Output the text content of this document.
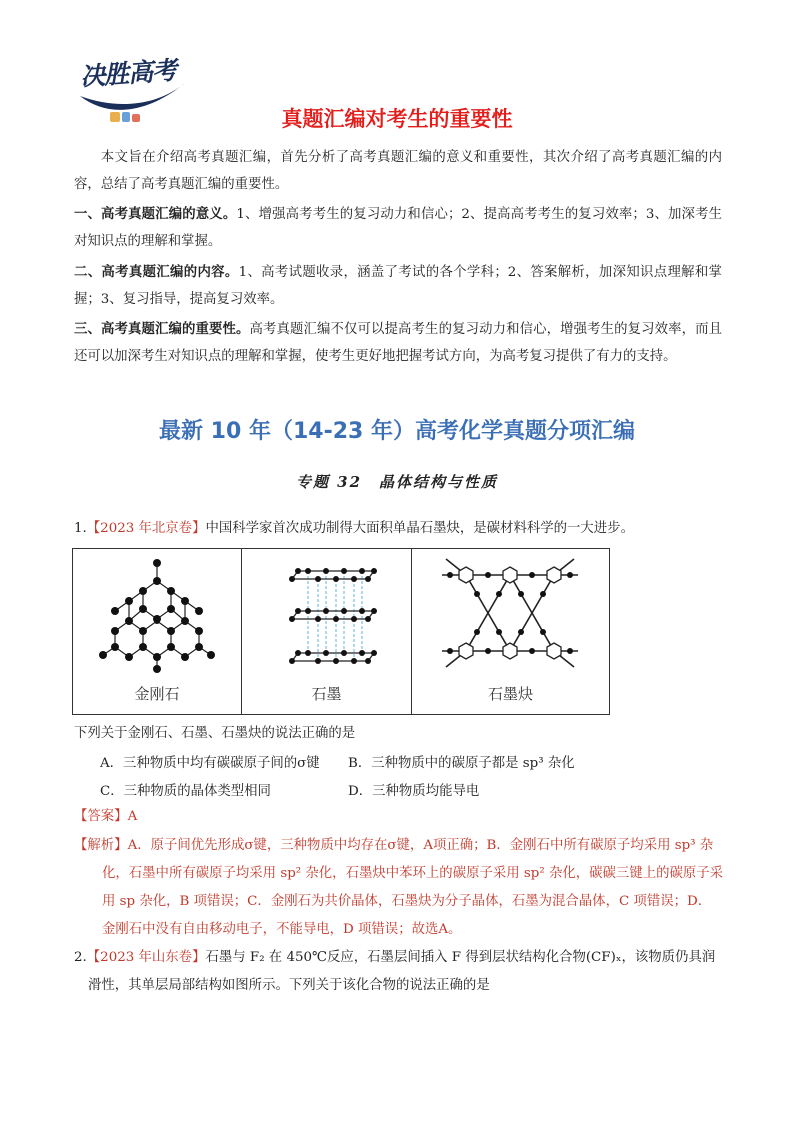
决胜高考
真题汇编对考生的重要性
本文旨在介绍高考真题汇编，首先分析了高考真题汇编的意义和重要性，其次介绍了高考真题汇编的内容，总结了高考真题汇编的重要性。
一、高考真题汇编的意义。1、增强高考考生的复习动力和信心；2、提高高考考生的复习效率；3、加深考生对知识点的理解和掌握。
二、高考真题汇编的内容。1、高考试题收录，涵盖了考试的各个学科；2、答案解析，加深知识点理解和掌握；3、复习指导，提高复习效率。
三、高考真题汇编的重要性。高考真题汇编不仅可以提高考生的复习动力和信心，增强考生的复习效率，而且还可以加深考生对知识点的理解和掌握，使考生更好地把握考试方向，为高考复习提供了有力的支持。
最新 10 年（14-23 年）高考化学真题分项汇编
专题 32　晶体结构与性质
1.【2023 年北京卷】中国科学家首次成功制得大面积单晶石墨炔，是碳材料科学的一大进步。
金刚石	石墨	石墨炔
下列关于金刚石、石墨、石墨炔的说法正确的是
A．三种物质中均有碳碳原子间的σ键 B．三种物质中的碳原子都是 sp³ 杂化
C．三种物质的晶体类型相同	D．三种物质均能导电
【答案】A
【解析】A．原子间优先形成σ键，三种物质中均存在σ键，A项正确；B．金刚石中所有碳原子均采用 sp³ 杂化，石墨中所有碳原子均采用 sp² 杂化，石墨炔中苯环上的碳原子采用 sp² 杂化，碳碳三键上的碳原子采用 sp 杂化，B 项错误；C．金刚石为共价晶体，石墨炔为分子晶体，石墨为混合晶体，C 项错误；D．金刚石中没有自由移动电子，不能导电，D 项错误；故选A。
2.【2023 年山东卷】石墨与 F₂ 在 450℃反应，石墨层间插入 F 得到层状结构化合物(CF)ₓ，该物质仍具润滑性，其单层局部结构如图所示。下列关于该化合物的说法正确的是
